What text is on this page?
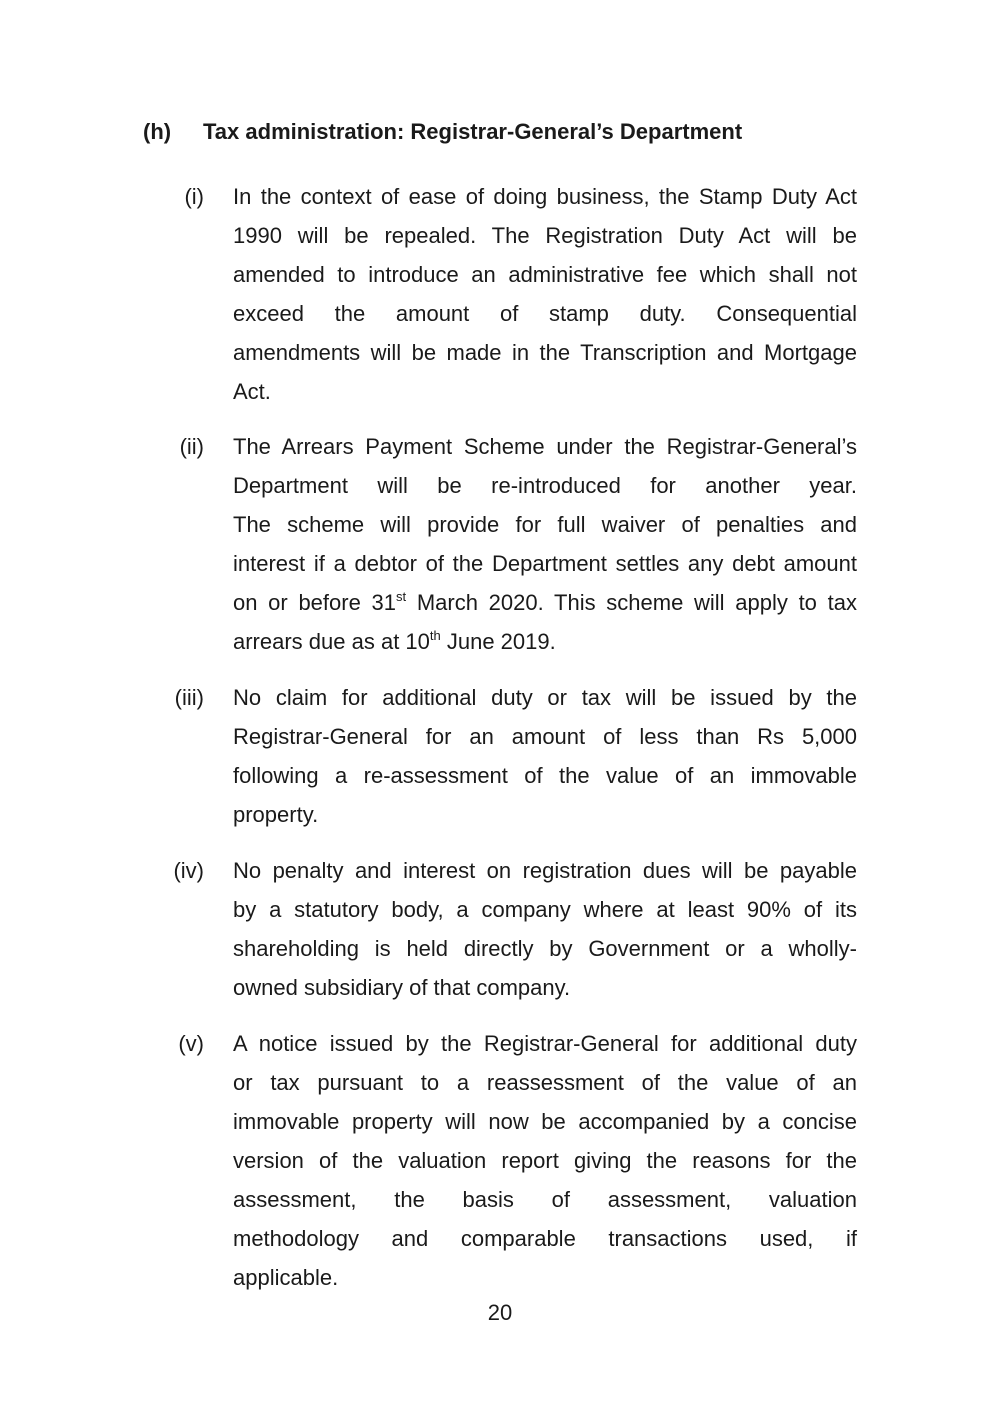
(h) Tax administration: Registrar-General’s Department
(i) In the context of ease of doing business, the Stamp Duty Act
1990 will be repealed. The Registration Duty Act will be
amended to introduce an administrative fee which shall not
exceed the amount of stamp duty. Consequential
amendments will be made in the Transcription and Mortgage
Act.
(ii) The Arrears Payment Scheme under the Registrar-General’s
Department will be re-introduced for another year.
The scheme will provide for full waiver of penalties and
interest if a debtor of the Department settles any debt amount
on or before 31st March 2020. This scheme will apply to tax
arrears due as at 10th June 2019.
(iii) No claim for additional duty or tax will be issued by the
Registrar-General for an amount of less than Rs 5,000
following a re-assessment of the value of an immovable
property.
(iv) No penalty and interest on registration dues will be payable
by a statutory body, a company where at least 90% of its
shareholding is held directly by Government or a wholly-
owned subsidiary of that company.
(v) A notice issued by the Registrar-General for additional duty
or tax pursuant to a reassessment of the value of an
immovable property will now be accompanied by a concise
version of the valuation report giving the reasons for the
assessment, the basis of assessment, valuation
methodology and comparable transactions used, if
applicable.
20
